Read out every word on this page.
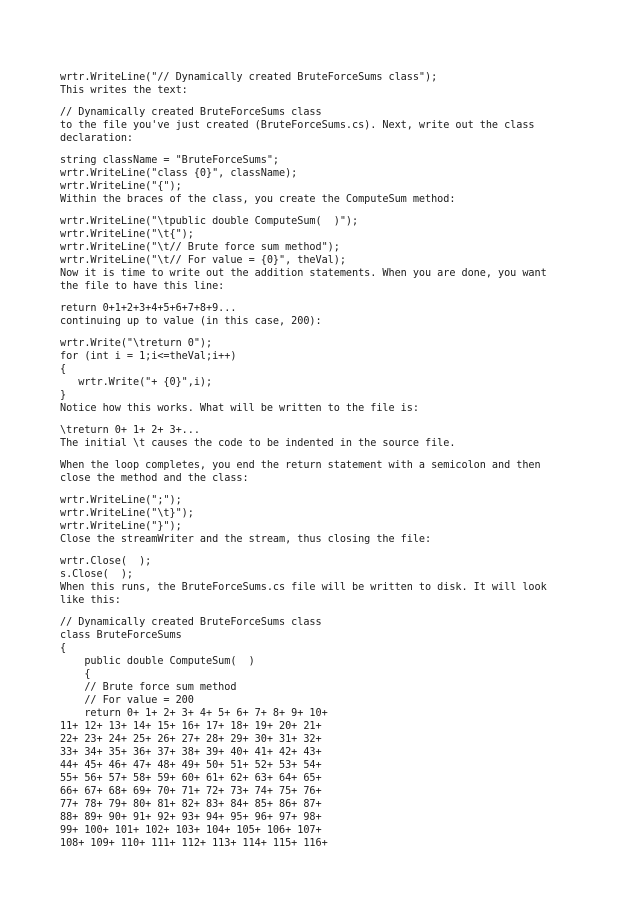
wrtr.WriteLine("// Dynamically created BruteForceSums class");
This writes the text:
// Dynamically created BruteForceSums class
to the file you've just created (BruteForceSums.cs). Next, write out the class
declaration:
string className = "BruteForceSums";
wrtr.WriteLine("class {0}", className);
wrtr.WriteLine("{");
Within the braces of the class, you create the ComputeSum method:
wrtr.WriteLine("\tpublic double ComputeSum(  )");
wrtr.WriteLine("\t{");
wrtr.WriteLine("\t// Brute force sum method");
wrtr.WriteLine("\t// For value = {0}", theVal);
Now it is time to write out the addition statements. When you are done, you want
the file to have this line:
return 0+1+2+3+4+5+6+7+8+9...
continuing up to value (in this case, 200):
wrtr.Write("\treturn 0");
for (int i = 1;i<=theVal;i++)
{
wrtr.Write("+ {0}",i);
}
Notice how this works. What will be written to the file is:
\treturn 0+ 1+ 2+ 3+...
The initial \t causes the code to be indented in the source file.
When the loop completes, you end the return statement with a semicolon and then
close the method and the class:
wrtr.WriteLine(";");
wrtr.WriteLine("\t}");
wrtr.WriteLine("}");
Close the streamWriter and the stream, thus closing the file:
wrtr.Close(  );
s.Close(  );
When this runs, the BruteForceSums.cs file will be written to disk. It will look
like this:
// Dynamically created BruteForceSums class
class BruteForceSums
{
public double ComputeSum(  )
{
// Brute force sum method
// For value = 200
return 0+ 1+ 2+ 3+ 4+ 5+ 6+ 7+ 8+ 9+ 10+
11+ 12+ 13+ 14+ 15+ 16+ 17+ 18+ 19+ 20+ 21+
22+ 23+ 24+ 25+ 26+ 27+ 28+ 29+ 30+ 31+ 32+
33+ 34+ 35+ 36+ 37+ 38+ 39+ 40+ 41+ 42+ 43+
44+ 45+ 46+ 47+ 48+ 49+ 50+ 51+ 52+ 53+ 54+
55+ 56+ 57+ 58+ 59+ 60+ 61+ 62+ 63+ 64+ 65+
66+ 67+ 68+ 69+ 70+ 71+ 72+ 73+ 74+ 75+ 76+
77+ 78+ 79+ 80+ 81+ 82+ 83+ 84+ 85+ 86+ 87+
88+ 89+ 90+ 91+ 92+ 93+ 94+ 95+ 96+ 97+ 98+
99+ 100+ 101+ 102+ 103+ 104+ 105+ 106+ 107+
108+ 109+ 110+ 111+ 112+ 113+ 114+ 115+ 116+
